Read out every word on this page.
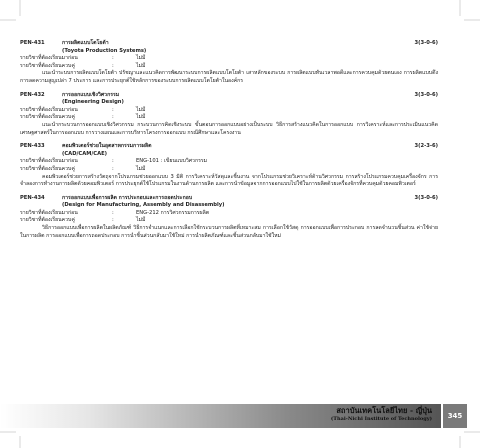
PEN-431	การผลิตแบบโตโยต้า	3(3-0-6)
(Toyota Production Systems)
รายวิชาที่ต้องเรียนมาก่อน	:	ไม่มี
รายวิชาที่ต้องเรียนควบคู่	:	ไม่มี
แนะนำระบบการผลิตแบบโตโยต้า ปรัชญาและแนวคิดการพัฒนาระบบการผลิตแบบโตโยต้า เสาหลักของระบบ การผลิตแบบทันเวลาพอดีและการควบคุมด้วยตนเอง การผลิตแบบดึง การลดความสูญเปล่า 7 ประการ และการประยุกต์ใช้หลักการของระบบการผลิตแบบโตโยต้าในองค์กร
PEN-432	การออกแบบเชิงวิศวกรรม	3(3-0-6)
(Engineering Design)
รายวิชาที่ต้องเรียนมาก่อน	:	ไม่มี
รายวิชาที่ต้องเรียนควบคู่	:	ไม่มี
แนะนำกระบวนการออกแบบเชิงวิศวกรรม กระบวนการคิดเชิงระบบ ขั้นตอนการออกแบบอย่างเป็นระบบ วิธีการสร้างแนวคิดในการออกแบบ การวิเคราะห์และการประเมินแนวคิด เศรษฐศาสตร์ในการออกแบบ การวางแผนและการบริหารโครงการออกแบบ กรณีศึกษาและโครงงาน
PEN-433	คอมพิวเตอร์ช่วยในอุตสาหกรรมการผลิต	3(2-3-6)
(CAD/CAM/CAE)
รายวิชาที่ต้องเรียนมาก่อน	:	ENG-101 : เขียนแบบวิศวกรรม
รายวิชาที่ต้องเรียนควบคู่	:	ไม่มี
คอมพิวเตอร์ช่วยการสร้างวัตถุจากโปรแกรมช่วยออกแบบ 3 มิติ การวิเคราะห์วัสดุและชิ้นงาน จากโปรแกรมช่วยวิเคราะห์ด้านวิศวกรรม การสร้างโปรแกรมควบคุมเครื่องจักร การจำลองการทำงานการผลิตด้วยคอมพิวเตอร์ การประยุกต์ใช้โปรแกรมในงานด้านการผลิต และการนำข้อมูลจากการออกแบบไปใช้ในการผลิตด้วยเครื่องจักรที่ควบคุมด้วยคอมพิวเตอร์
PEN-434	การออกแบบเพื่อการผลิต การประกอบและการถอดประกอบ	3(3-0-6)
(Design for Manufacturing, Assembly and Disassembly)
รายวิชาที่ต้องเรียนมาก่อน	:	ENG-212 การวิศวกรรมการผลิต
รายวิชาที่ต้องเรียนควบคู่	:	ไม่มี
วิธีการออกแบบเพื่อการผลิตในผลิตภัณฑ์ วิธีการจำแนกและการเลือกใช้กระบวนการผลิตที่เหมาะสม การเลือกใช้วัสดุ การออกแบบเพื่อการประกอบ การลดจำนวนชิ้นส่วน ค่าใช้จ่ายในการผลิต การออกแบบเพื่อการถอดประกอบ การนำชิ้นส่วนกลับมาใช้ใหม่ การนำผลิตภัณฑ์และชิ้นส่วนกลับมาใช้ใหม่
สถาบันเทคโนโลยีไทย - ญี่ปุ่น
(Thai-Nichi Institute of Technology)	345
